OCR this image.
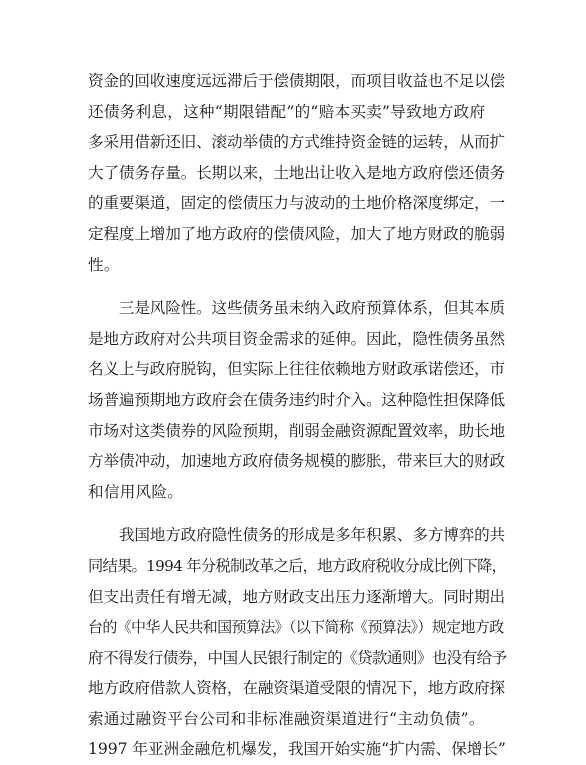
资金的回收速度远远滞后于偿债期限，而项目收益也不足以偿
还债务利息，这种“期限错配”的“赔本买卖”导致地方政府
多采用借新还旧、滚动举债的方式维持资金链的运转，从而扩
大了债务存量。长期以来，土地出让收入是地方政府偿还债务
的重要渠道，固定的偿债压力与波动的土地价格深度绑定，一
定程度上增加了地方政府的偿债风险，加大了地方财政的脆弱
性。
　　三是风险性。这些债务虽未纳入政府预算体系，但其本质
是地方政府对公共项目资金需求的延伸。因此，隐性债务虽然
名义上与政府脱钩，但实际上往往依赖地方财政承诺偿还，市
场普遍预期地方政府会在债务违约时介入。这种隐性担保降低
市场对这类债券的风险预期，削弱金融资源配置效率，助长地
方举债冲动，加速地方政府债务规模的膨胀，带来巨大的财政
和信用风险。
　　我国地方政府隐性债务的形成是多年积累、多方博弈的共
同结果。1994 年分税制改革之后，地方政府税收分成比例下降，
但支出责任有增无减，地方财政支出压力逐渐增大。同时期出
台的《中华人民共和国预算法》（以下简称《预算法》）规定地方政
府不得发行债券，中国人民银行制定的《贷款通则》也没有给予
地方政府借款人资格，在融资渠道受限的情况下，地方政府探
索通过融资平台公司和非标准融资渠道进行“主动负债”。
1997 年亚洲金融危机爆发，我国开始实施“扩内需、保增长”
